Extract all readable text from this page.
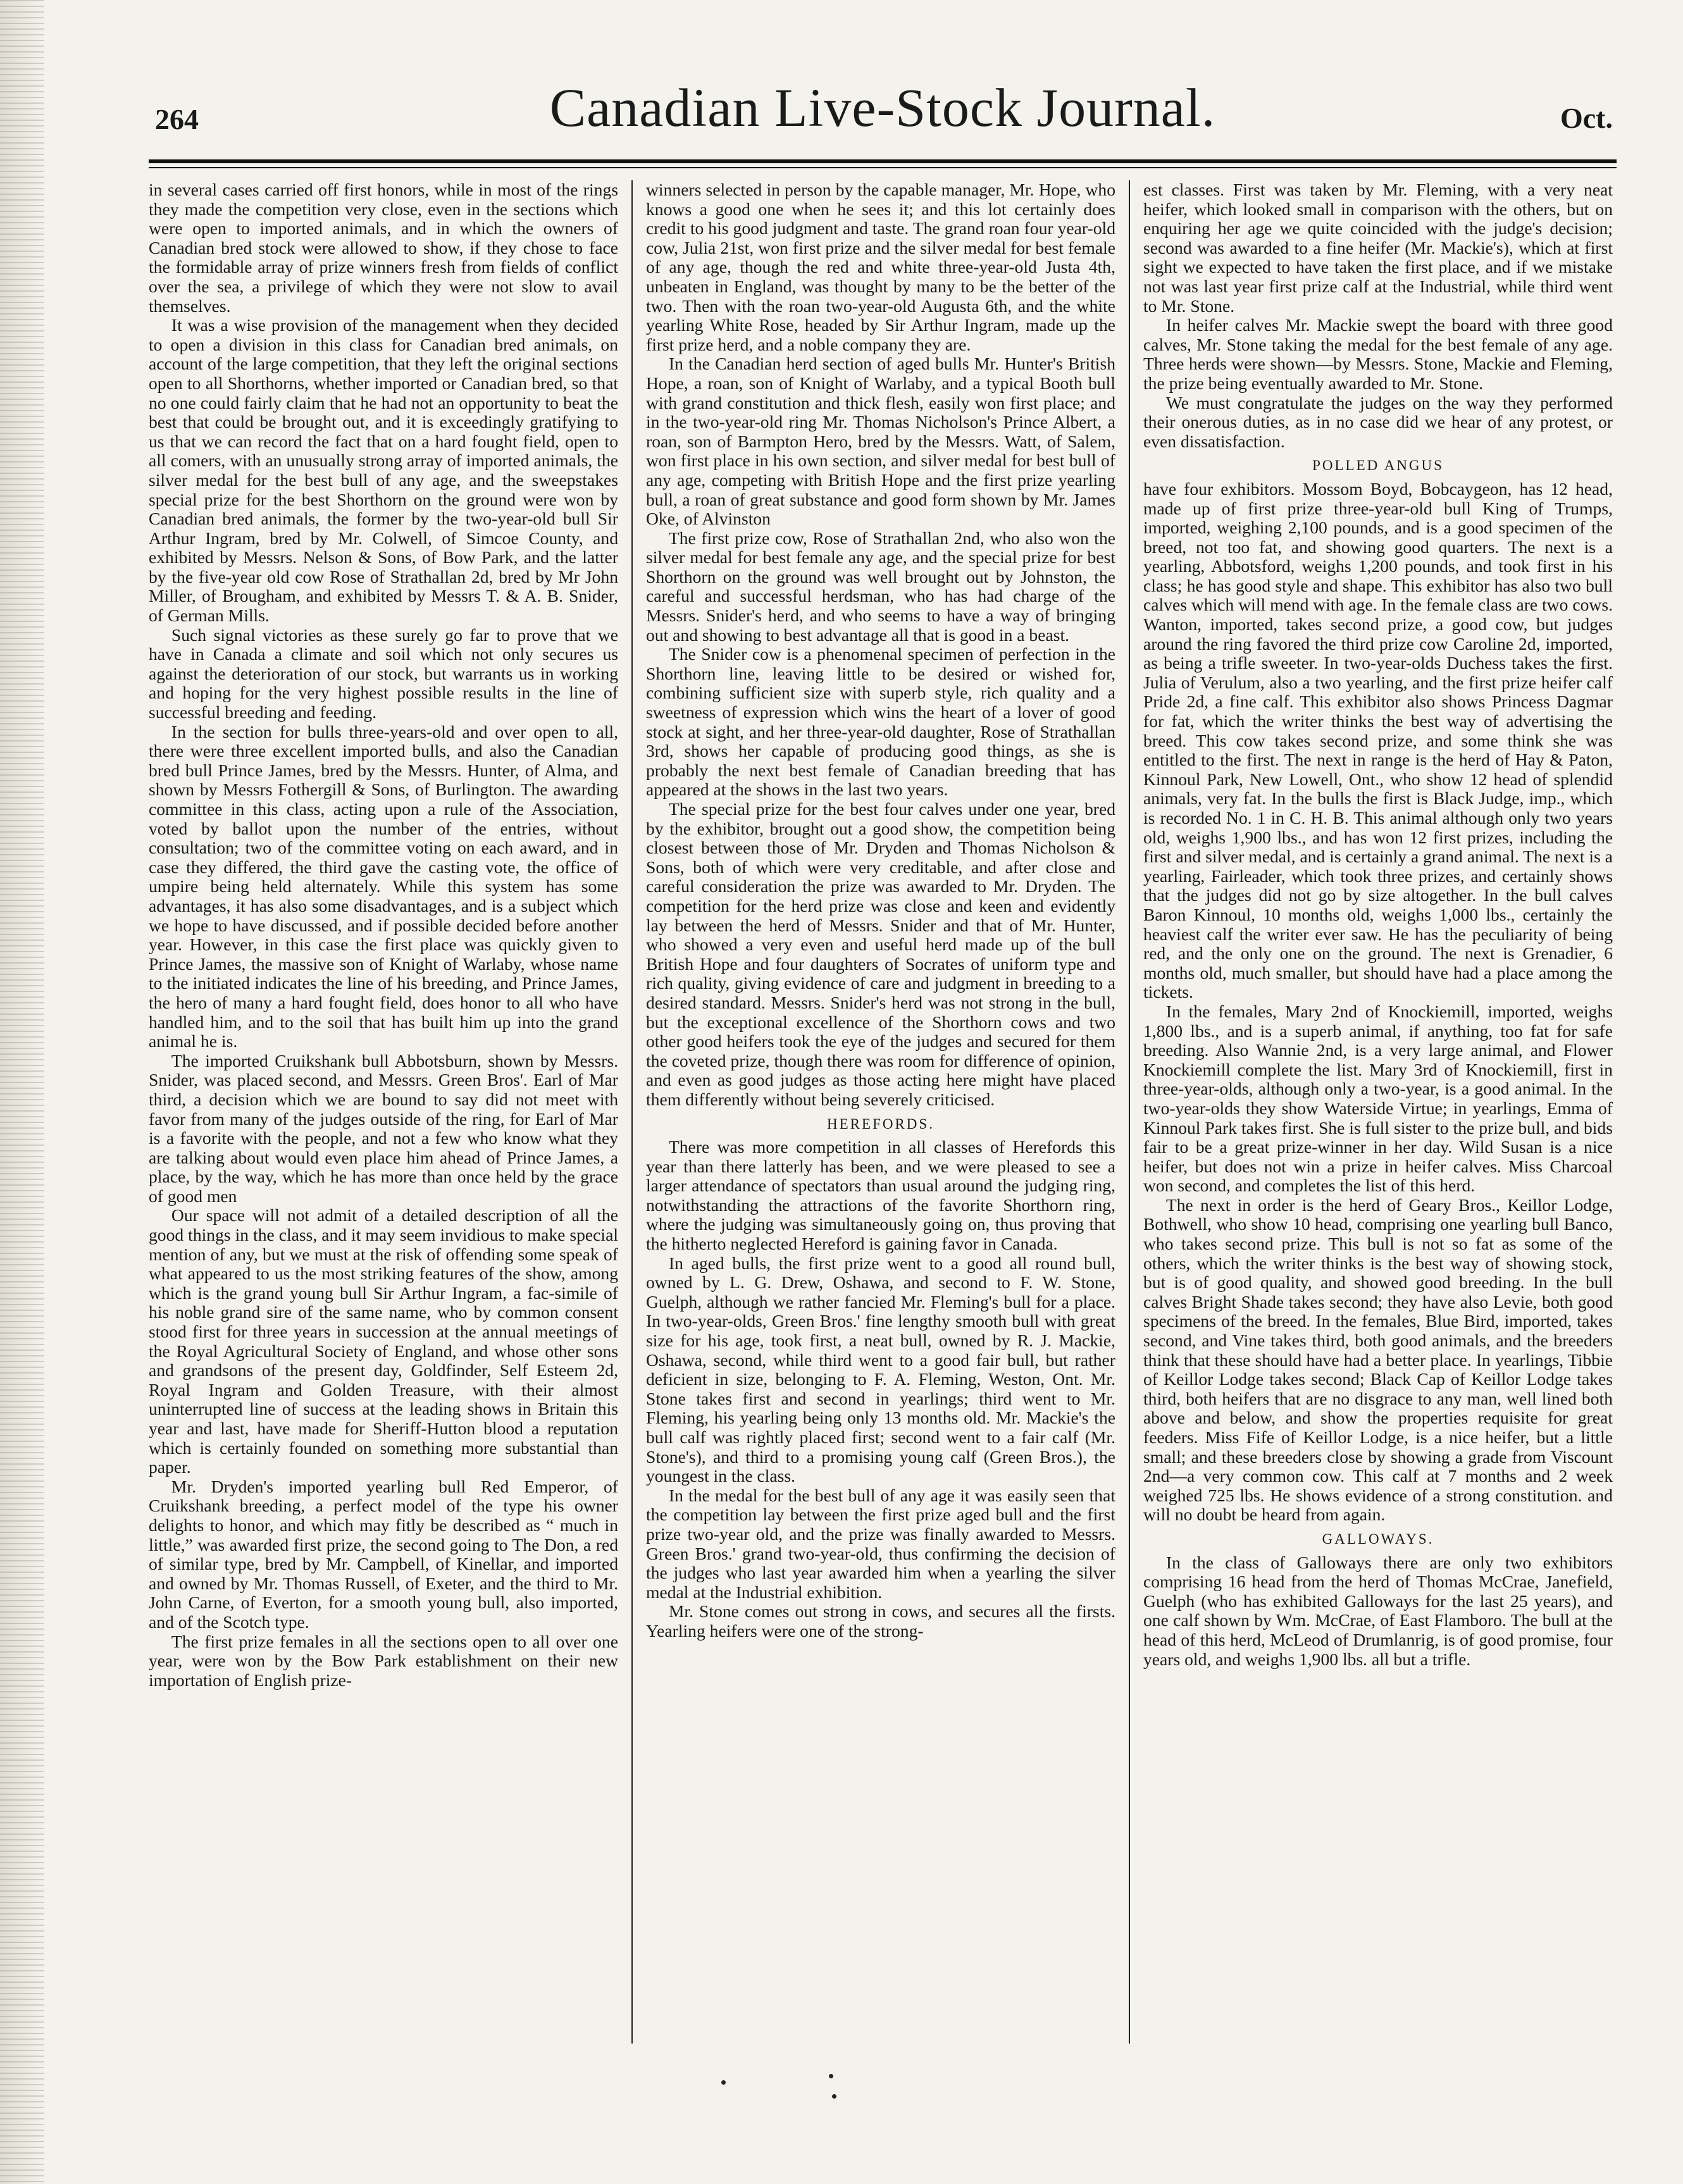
264	Canadian Live-Stock Journal.	Oct.

in several cases carried off first honors, while in most of the rings they made the competition very close, even in the sections which were open to imported animals, and in which the owners of Canadian bred stock were allowed to show, if they chose to face the formidable array of prize winners fresh from fields of conflict over the sea, a privilege of which they were not slow to avail themselves.

It was a wise provision of the management when they decided to open a division in this class for Canadian bred animals, on account of the large competition, that they left the original sections open to all Shorthorns, whether imported or Canadian bred, so that no one could fairly claim that he had not an opportunity to beat the best that could be brought out, and it is exceedingly gratifying to us that we can record the fact that on a hard fought field, open to all comers, with an unusually strong array of imported animals, the silver medal for the best bull of any age, and the sweepstakes special prize for the best Shorthorn on the ground were won by Canadian bred animals, the former by the two-year-old bull Sir Arthur Ingram, bred by Mr. Colwell, of Simcoe County, and exhibited by Messrs. Nelson & Sons, of Bow Park, and the latter by the five-year old cow Rose of Strathallan 2d, bred by Mr John Miller, of Brougham, and exhibited by Messrs T. & A. B. Snider, of German Mills.

Such signal victories as these surely go far to prove that we have in Canada a climate and soil which not only secures us against the deterioration of our stock, but warrants us in working and hoping for the very highest possible results in the line of successful breeding and feeding.

In the section for bulls three-years-old and over open to all, there were three excellent imported bulls, and also the Canadian bred bull Prince James, bred by the Messrs. Hunter, of Alma, and shown by Messrs Fothergill & Sons, of Burlington. The awarding committee in this class, acting upon a rule of the Association, voted by ballot upon the number of the entries, without consultation; two of the committee voting on each award, and in case they differed, the third gave the casting vote, the office of umpire being held alternately. While this system has some advantages, it has also some disadvantages, and is a subject which we hope to have discussed, and if possible decided before another year. However, in this case the first place was quickly given to Prince James, the massive son of Knight of Warlaby, whose name to the initiated indicates the line of his breeding, and Prince James, the hero of many a hard fought field, does honor to all who have handled him, and to the soil that has built him up into the grand animal he is.

The imported Cruikshank bull Abbotsburn, shown by Messrs. Snider, was placed second, and Messrs. Green Bros'. Earl of Mar third, a decision which we are bound to say did not meet with favor from many of the judges outside of the ring, for Earl of Mar is a favorite with the people, and not a few who know what they are talking about would even place him ahead of Prince James, a place, by the way, which he has more than once held by the grace of good men

Our space will not admit of a detailed description of all the good things in the class, and it may seem invidious to make special mention of any, but we must at the risk of offending some speak of what appeared to us the most striking features of the show, among which is the grand young bull Sir Arthur Ingram, a fac-simile of his noble grand sire of the same name, who by common consent stood first for three years in succession at the annual meetings of the Royal Agricultural Society of England, and whose other sons and grandsons of the present day, Goldfinder, Self Esteem 2d, Royal Ingram and Golden Treasure, with their almost uninterrupted line of success at the leading shows in Britain this year and last, have made for Sheriff-Hutton blood a reputation which is certainly founded on something more substantial than paper.

Mr. Dryden's imported yearling bull Red Emperor, of Cruikshank breeding, a perfect model of the type his owner delights to honor, and which may fitly be described as “ much in little,” was awarded first prize, the second going to The Don, a red of similar type, bred by Mr. Campbell, of Kinellar, and imported and owned by Mr. Thomas Russell, of Exeter, and the third to Mr. John Carne, of Everton, for a smooth young bull, also imported, and of the Scotch type.

The first prize females in all the sections open to all over one year, were won by the Bow Park establishment on their new importation of English prize-

winners selected in person by the capable manager, Mr. Hope, who knows a good one when he sees it; and this lot certainly does credit to his good judgment and taste. The grand roan four year-old cow, Julia 21st, won first prize and the silver medal for best female of any age, though the red and white three-year-old Justa 4th, unbeaten in England, was thought by many to be the better of the two. Then with the roan two-year-old Augusta 6th, and the white yearling White Rose, headed by Sir Arthur Ingram, made up the first prize herd, and a noble company they are.

In the Canadian herd section of aged bulls Mr. Hunter's British Hope, a roan, son of Knight of Warlaby, and a typical Booth bull with grand constitution and thick flesh, easily won first place; and in the two-year-old ring Mr. Thomas Nicholson's Prince Albert, a roan, son of Barmpton Hero, bred by the Messrs. Watt, of Salem, won first place in his own section, and silver medal for best bull of any age, competing with British Hope and the first prize yearling bull, a roan of great substance and good form shown by Mr. James Oke, of Alvinston

The first prize cow, Rose of Strathallan 2nd, who also won the silver medal for best female any age, and the special prize for best Shorthorn on the ground was well brought out by Johnston, the careful and successful herdsman, who has had charge of the Messrs. Snider's herd, and who seems to have a way of bringing out and showing to best advantage all that is good in a beast.

The Snider cow is a phenomenal specimen of perfection in the Shorthorn line, leaving little to be desired or wished for, combining sufficient size with superb style, rich quality and a sweetness of expression which wins the heart of a lover of good stock at sight, and her three-year-old daughter, Rose of Strathallan 3rd, shows her capable of producing good things, as she is probably the next best female of Canadian breeding that has appeared at the shows in the last two years.

The special prize for the best four calves under one year, bred by the exhibitor, brought out a good show, the competition being closest between those of Mr. Dryden and Thomas Nicholson & Sons, both of which were very creditable, and after close and careful consideration the prize was awarded to Mr. Dryden. The competition for the herd prize was close and keen and evidently lay between the herd of Messrs. Snider and that of Mr. Hunter, who showed a very even and useful herd made up of the bull British Hope and four daughters of Socrates of uniform type and rich quality, giving evidence of care and judgment in breeding to a desired standard. Messrs. Snider's herd was not strong in the bull, but the exceptional excellence of the Shorthorn cows and two other good heifers took the eye of the judges and secured for them the coveted prize, though there was room for difference of opinion, and even as good judges as those acting here might have placed them differently without being severely criticised.

HEREFORDS.

There was more competition in all classes of Herefords this year than there latterly has been, and we were pleased to see a larger attendance of spectators than usual around the judging ring, notwithstanding the attractions of the favorite Shorthorn ring, where the judging was simultaneously going on, thus proving that the hitherto neglected Hereford is gaining favor in Canada.

In aged bulls, the first prize went to a good all round bull, owned by L. G. Drew, Oshawa, and second to F. W. Stone, Guelph, although we rather fancied Mr. Fleming's bull for a place. In two-year-olds, Green Bros.' fine lengthy smooth bull with great size for his age, took first, a neat bull, owned by R. J. Mackie, Oshawa, second, while third went to a good fair bull, but rather deficient in size, belonging to F. A. Fleming, Weston, Ont. Mr. Stone takes first and second in yearlings; third went to Mr. Fleming, his yearling being only 13 months old. Mr. Mackie's the bull calf was rightly placed first; second went to a fair calf (Mr. Stone's), and third to a promising young calf (Green Bros.), the youngest in the class.

In the medal for the best bull of any age it was easily seen that the competition lay between the first prize aged bull and the first prize two-year old, and the prize was finally awarded to Messrs. Green Bros.' grand two-year-old, thus confirming the decision of the judges who last year awarded him when a yearling the silver medal at the Industrial exhibition.

Mr. Stone comes out strong in cows, and secures all the firsts. Yearling heifers were one of the strong-

est classes. First was taken by Mr. Fleming, with a very neat heifer, which looked small in comparison with the others, but on enquiring her age we quite coincided with the judge's decision; second was awarded to a fine heifer (Mr. Mackie's), which at first sight we expected to have taken the first place, and if we mistake not was last year first prize calf at the Industrial, while third went to Mr. Stone.

In heifer calves Mr. Mackie swept the board with three good calves, Mr. Stone taking the medal for the best female of any age. Three herds were shown—by Messrs. Stone, Mackie and Fleming, the prize being eventually awarded to Mr. Stone.

We must congratulate the judges on the way they performed their onerous duties, as in no case did we hear of any protest, or even dissatisfaction.

POLLED ANGUS

have four exhibitors. Mossom Boyd, Bobcaygeon, has 12 head, made up of first prize three-year-old bull King of Trumps, imported, weighing 2,100 pounds, and is a good specimen of the breed, not too fat, and showing good quarters. The next is a yearling, Abbotsford, weighs 1,200 pounds, and took first in his class; he has good style and shape. This exhibitor has also two bull calves which will mend with age. In the female class are two cows. Wanton, imported, takes second prize, a good cow, but judges around the ring favored the third prize cow Caroline 2d, imported, as being a trifle sweeter. In two-year-olds Duchess takes the first. Julia of Verulum, also a two yearling, and the first prize heifer calf Pride 2d, a fine calf. This exhibitor also shows Princess Dagmar for fat, which the writer thinks the best way of advertising the breed. This cow takes second prize, and some think she was entitled to the first. The next in range is the herd of Hay & Paton, Kinnoul Park, New Lowell, Ont., who show 12 head of splendid animals, very fat. In the bulls the first is Black Judge, imp., which is recorded No. 1 in C. H. B. This animal although only two years old, weighs 1,900 lbs., and has won 12 first prizes, including the first and silver medal, and is certainly a grand animal. The next is a yearling, Fairleader, which took three prizes, and certainly shows that the judges did not go by size altogether. In the bull calves Baron Kinnoul, 10 months old, weighs 1,000 lbs., certainly the heaviest calf the writer ever saw. He has the peculiarity of being red, and the only one on the ground. The next is Grenadier, 6 months old, much smaller, but should have had a place among the tickets.

In the females, Mary 2nd of Knockiemill, imported, weighs 1,800 lbs., and is a superb animal, if anything, too fat for safe breeding. Also Wannie 2nd, is a very large animal, and Flower Knockiemill complete the list. Mary 3rd of Knockiemill, first in three-year-olds, although only a two-year, is a good animal. In the two-year-olds they show Waterside Virtue; in yearlings, Emma of Kinnoul Park takes first. She is full sister to the prize bull, and bids fair to be a great prize-winner in her day. Wild Susan is a nice heifer, but does not win a prize in heifer calves. Miss Charcoal won second, and completes the list of this herd.

The next in order is the herd of Geary Bros., Keillor Lodge, Bothwell, who show 10 head, comprising one yearling bull Banco, who takes second prize. This bull is not so fat as some of the others, which the writer thinks is the best way of showing stock, but is of good quality, and showed good breeding. In the bull calves Bright Shade takes second; they have also Levie, both good specimens of the breed. In the females, Blue Bird, imported, takes second, and Vine takes third, both good animals, and the breeders think that these should have had a better place. In yearlings, Tibbie of Keillor Lodge takes second; Black Cap of Keillor Lodge takes third, both heifers that are no disgrace to any man, well lined both above and below, and show the properties requisite for great feeders. Miss Fife of Keillor Lodge, is a nice heifer, but a little small; and these breeders close by showing a grade from Viscount 2nd—a very common cow. This calf at 7 months and 2 week weighed 725 lbs. He shows evidence of a strong constitution. and will no doubt be heard from again.

GALLOWAYS.

In the class of Galloways there are only two exhibitors comprising 16 head from the herd of Thomas McCrae, Janefield, Guelph (who has exhibited Galloways for the last 25 years), and one calf shown by Wm. McCrae, of East Flamboro. The bull at the head of this herd, McLeod of Drumlanrig, is of good promise, four years old, and weighs 1,900 lbs. all but a trifle.
